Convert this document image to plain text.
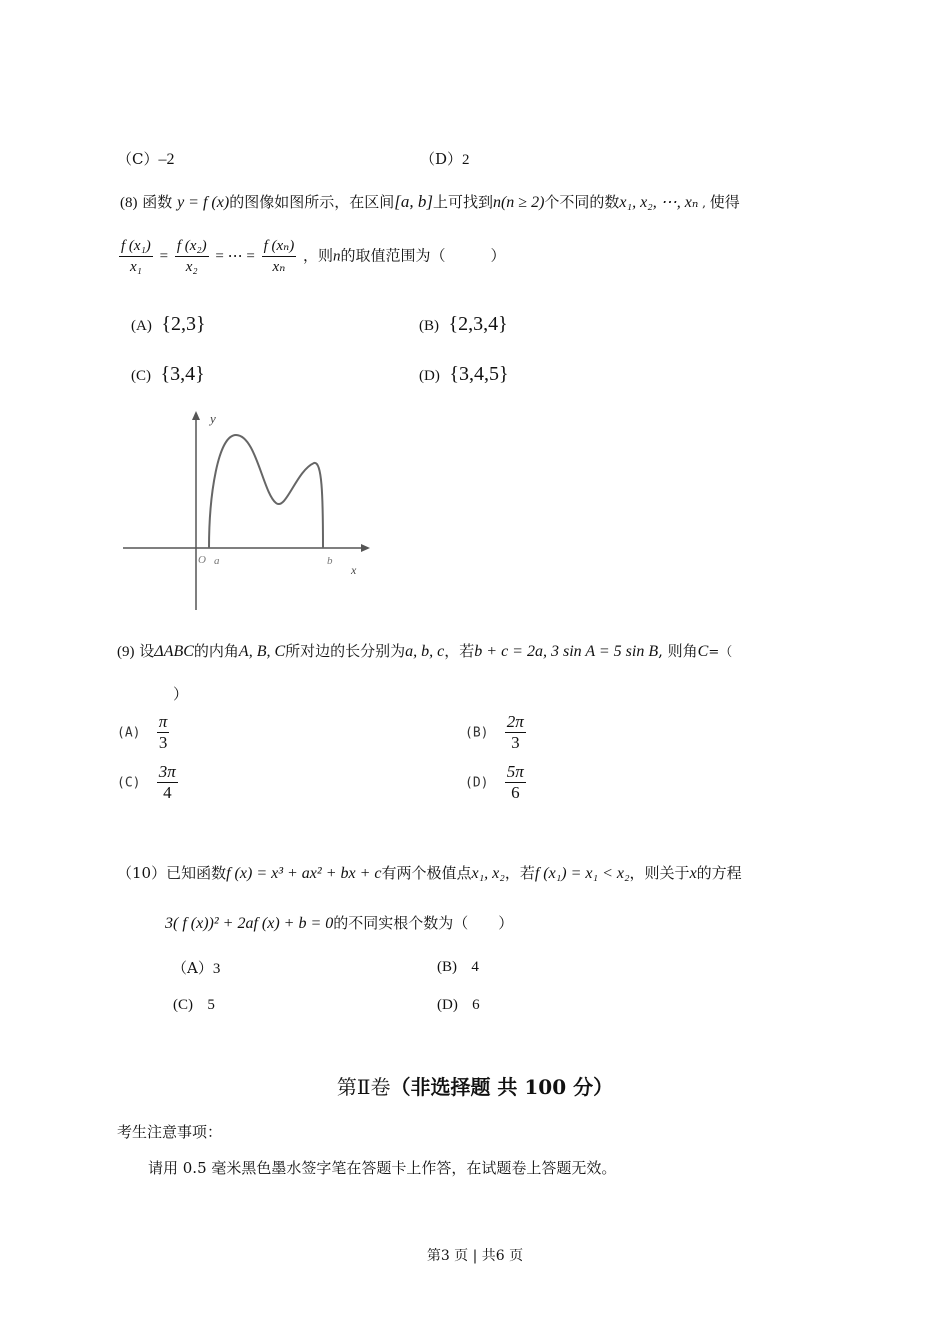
（C）–2	（D）2
(8) 函数 y = f (x)的图像如图所示，在区间[a, b]上可找到n(n ≥ 2)个不同的数x₁, x₂, ⋯, xₙ , 使得
$\frac{\text{f (x₁)}}{\text{x₁}} = \frac{\text{f (x₂)}}{\text{x₂}}$ = ⋯ = $\frac{\text{f (xₙ)}}{\text{xₙ}}$ ，则n的取值范围为（　　　）
(A) {2,3}	(B) {2,3,4}
(C) {3,4}	(D) {3,4,5}
y
x
O a	b
(9) 设ΔABC的内角A, B, C所对边的长分别为a, b, c，若b + c = 2a, 3 sin A = 5 sin B, 则角C=（
）
$(A) \frac{\pi}{3}$	$(B) \frac{2\pi}{3}$
$(C) \frac{3\pi}{4}$	$(D) \frac{5\pi}{6}$
（10）已知函数f (x) = x³ + ax² + bx + c有两个极值点x₁, x₂，若f (x₁) = x₁ < x₂，则关于x的方程
3( f (x))² + 2af (x) + b = 0的不同实根个数为（　　）
（A）3	(B) 4
(C) 5	(D) 6
第Ⅱ卷（非选择题 共 100 分）
考生注意事项：
请用 0.5 毫米黑色墨水签字笔在答题卡上作答，在试题卷上答题无效。
第3 页 | 共6 页
